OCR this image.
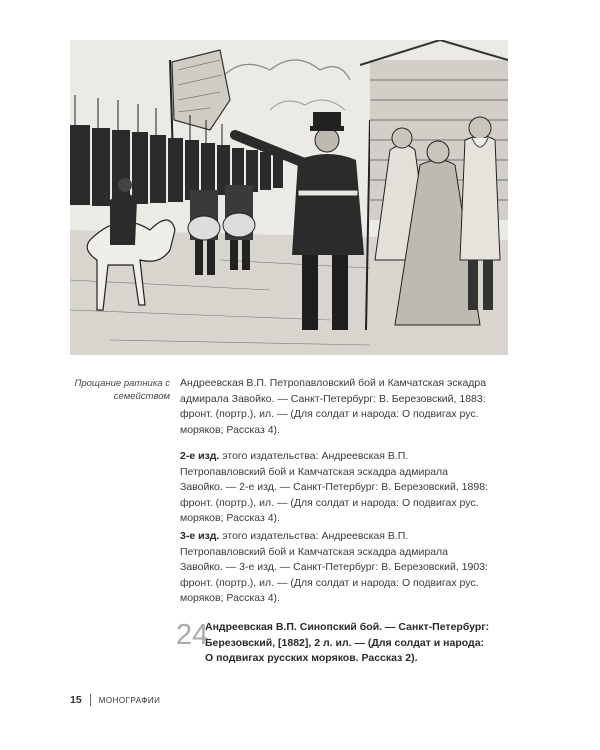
Прощание ратника с семейством
Андреевская В.П. Петропавловский бой и Камчатская эскадра адмирала Завойко. — Санкт-Петербург: В. Березовский, 1883: фронт. (портр.), ил. — (Для солдат и народа: О подвигах рус. моряков; Рассказ 4).
2-е изд. этого издательства: Андреевская В.П. Петропавловский бой и Камчатская эскадра адмирала Завойко. — 2-е изд. — Санкт-Петербург: В. Березовский, 1898: фронт. (портр.), ил. — (Для солдат и народа: О подвигах рус. моряков; Рассказ 4).
3-е изд. этого издательства: Андреевская В.П. Петропавловский бой и Камчатская эскадра адмирала Завойко. — 3-е изд. — Санкт-Петербург: В. Березовский, 1903: фронт. (портр.), ил. — (Для солдат и народа: О подвигах рус. моряков; Рассказ 4).
24
Андреевская В.П. Синопский бой. — Санкт-Петербург: Березовский, [1882], 2 л. ил. — (Для солдат и народа: О подвигах русских моряков. Рассказ 2).
15 МОНОГРАФИИ
